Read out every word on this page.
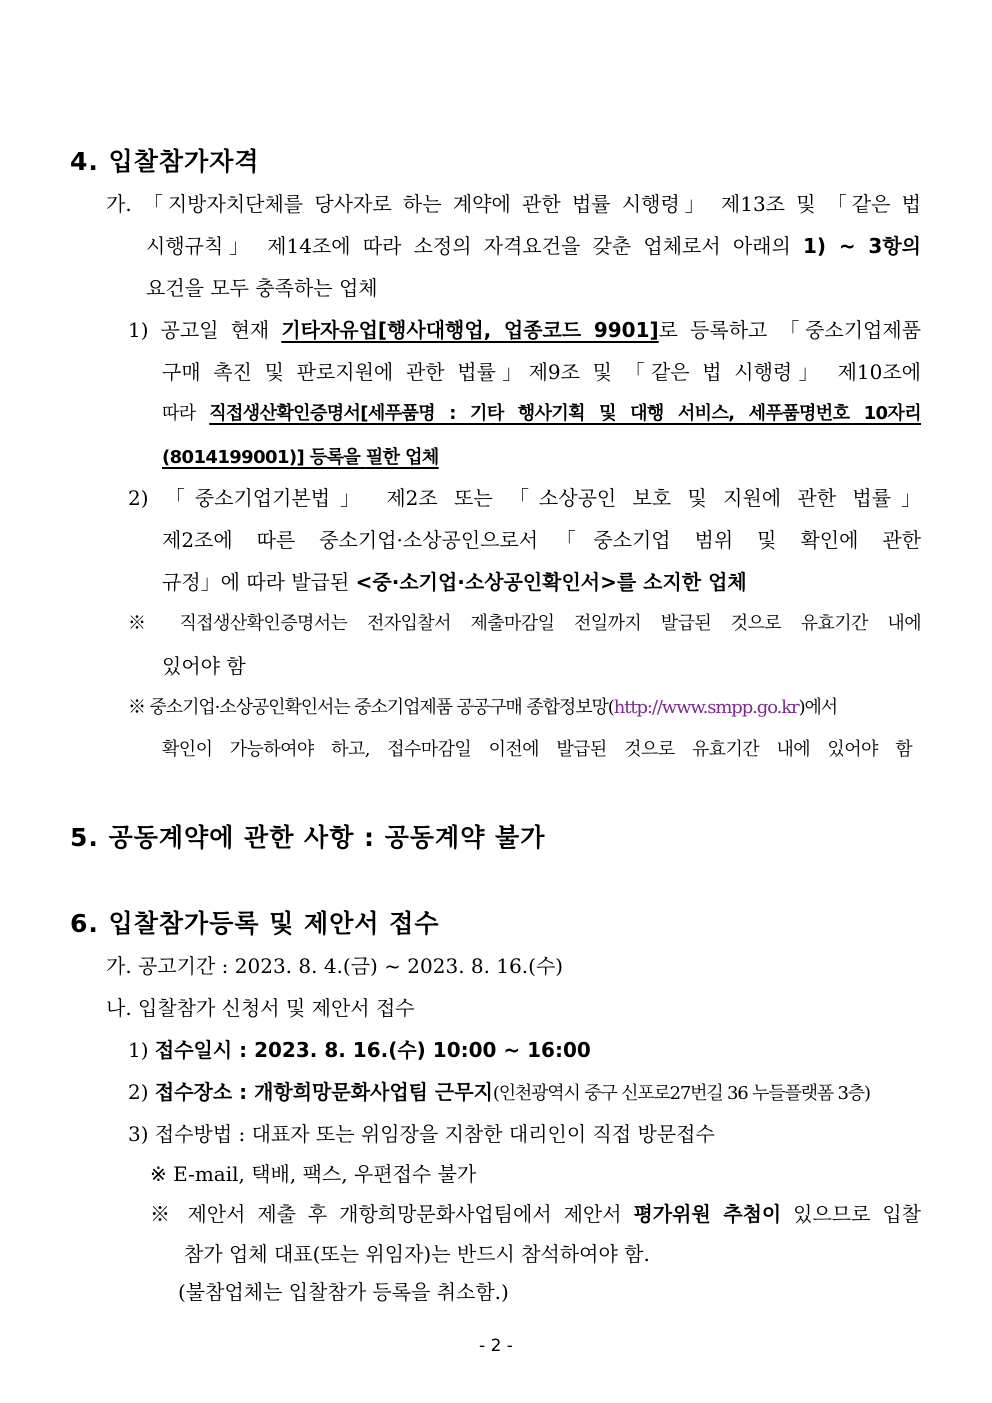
4. 입찰참가자격
가. 「지방자치단체를 당사자로 하는 계약에 관한 법률 시행령」 제13조 및 「같은 법
시행규칙」 제14조에 따라 소정의 자격요건을 갖춘 업체로서 아래의 1) ~ 3항의
요건을 모두 충족하는 업체
1) 공고일 현재 기타자유업[행사대행업, 업종코드 9901]로 등록하고 「중소기업제품
구매 촉진 및 판로지원에 관한 법률」제9조 및 「같은 법 시행령」 제10조에
따라 직접생산확인증명서[세푸품명 : 기타 행사기획 및 대행 서비스, 세푸품명번호 10자리
(8014199001)] 등록을 필한 업체
2) 「중소기업기본법」 제2조 또는 「소상공인 보호 및 지원에 관한 법률」
제2조에 따른 중소기업·소상공인으로서「중소기업 범위 및 확인에 관한
규정」에 따라 발급된 <중·소기업·소상공인확인서>를 소지한 업체
※ 직접생산확인증명서는 전자입찰서 제출마감일 전일까지 발급된 것으로 유효기간 내에
있어야 함
※ 중소기업·소상공인확인서는 중소기업제품 공공구매 종합정보망(http://www.smpp.go.kr)에서
확인이 가능하여야 하고, 접수마감일 이전에 발급된 것으로 유효기간 내에 있어야 함
5. 공동계약에 관한 사항 : 공동계약 불가
6. 입찰참가등록 및 제안서 접수
가. 공고기간 : 2023. 8. 4.(금) ~ 2023. 8. 16.(수)
나. 입찰참가 신청서 및 제안서 접수
1) 접수일시 : 2023. 8. 16.(수) 10:00 ~ 16:00
2) 접수장소 : 개항희망문화사업팀 근무지(인천광역시 중구 신포로27번길 36 누들플랫폼 3층)
3) 접수방법 : 대표자 또는 위임장을 지참한 대리인이 직접 방문접수
※ E-mail, 택배, 팩스, 우편접수 불가
※ 제안서 제출 후 개항희망문화사업팀에서 제안서 평가위원 추첨이 있으므로 입찰
참가 업체 대표(또는 위임자)는 반드시 참석하여야 함.
(불참업체는 입찰참가 등록을 취소함.)
- 2 -
